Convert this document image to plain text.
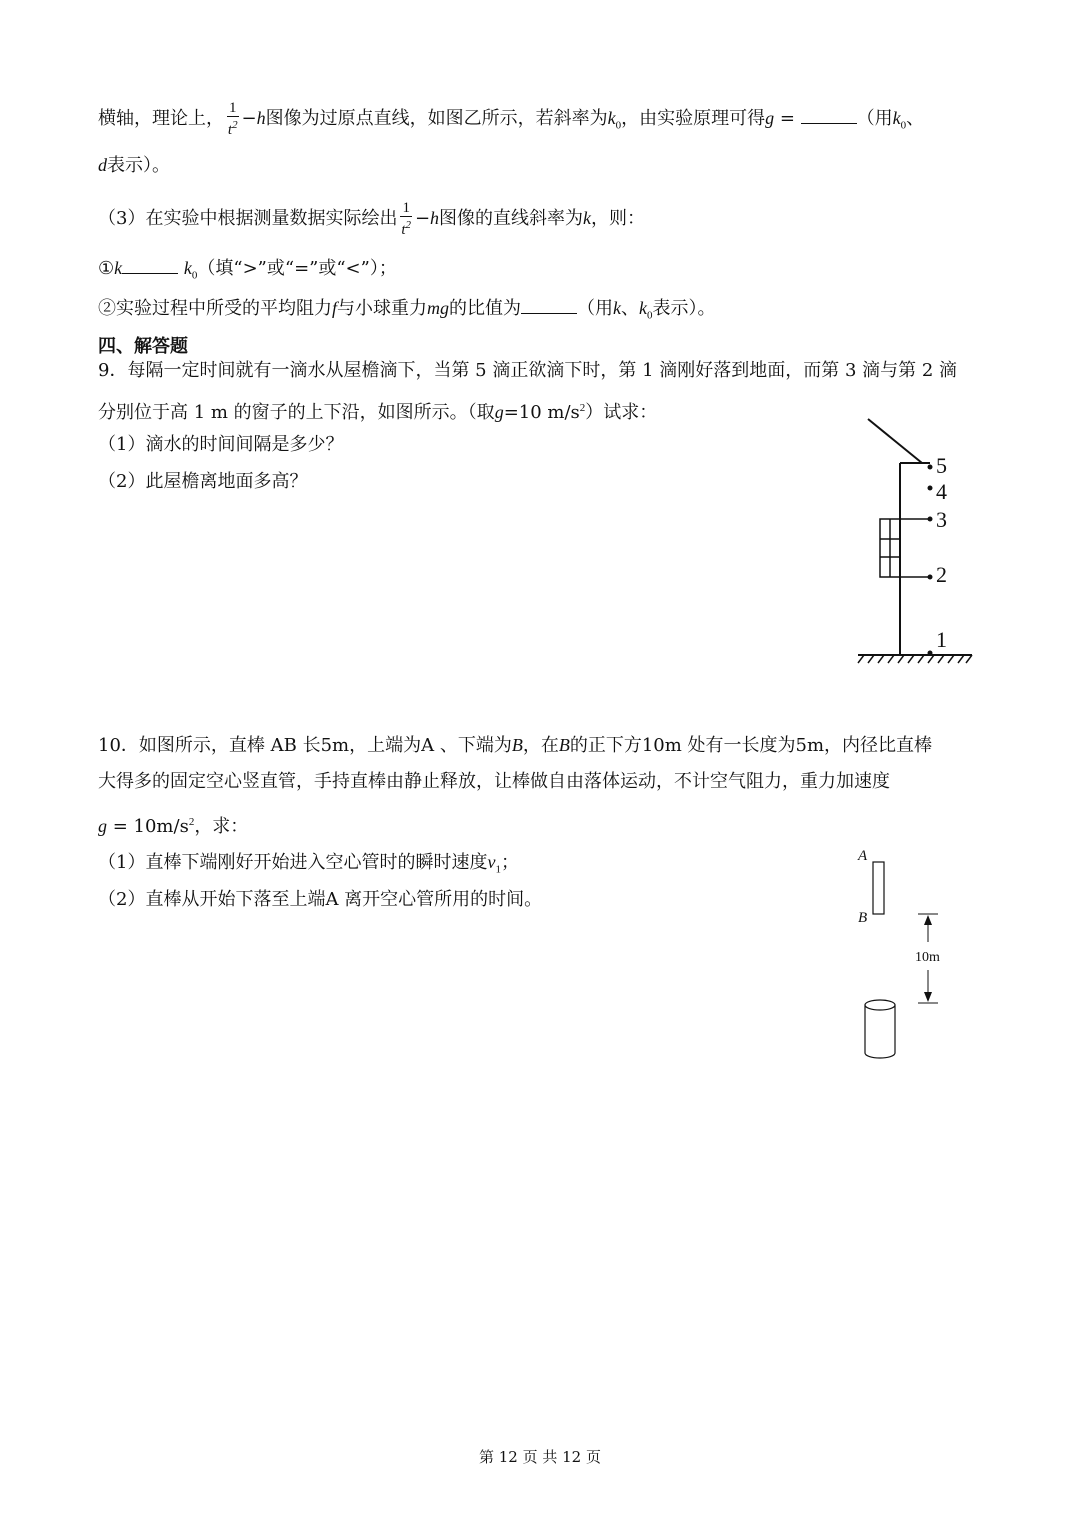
横轴，理论上， $\frac{1}{t^2} -h$图像为过原点直线，如图乙所示，若斜率为$k_0$，由实验原理可得g =	（用$k_0$、
d表示）。
（3）在实验中根据测量数据实际绘出 $\frac{1}{t^2} -h$图像的直线斜率为k，则：
①k	$k_0$（填“>”或“=”或“<”）；
②实验过程中所受的平均阻力f与小球重力mg的比值为	（用k、$k_0$表示）。
四、解答题
9．每隔一定时间就有一滴水从屋檐滴下，当第 5 滴正欲滴下时，第 1 滴刚好落到地面，而第 3 滴与第 2 滴
分别位于高 1 m 的窗子的上下沿，如图所示。（取g=10 $m/s^2$）试求：
（1）滴水的时间间隔是多少？
（2）此屋檐离地面多高？
5
4
3
2
1
10．如图所示，直棒 AB 长5m，上端为A 、下端为B，在B的正下方10m 处有一长度为5m，内径比直棒
大得多的固定空心竖直管，手持直棒由静止释放，让棒做自由落体运动，不计空气阻力，重力加速度
$g = 10m/s^2$，求：
（1）直棒下端刚好开始进入空心管时的瞬时速度$v_1$；
（2）直棒从开始下落至上端A 离开空心管所用的时间。
A
B
10m
第 12 页 共 12 页
